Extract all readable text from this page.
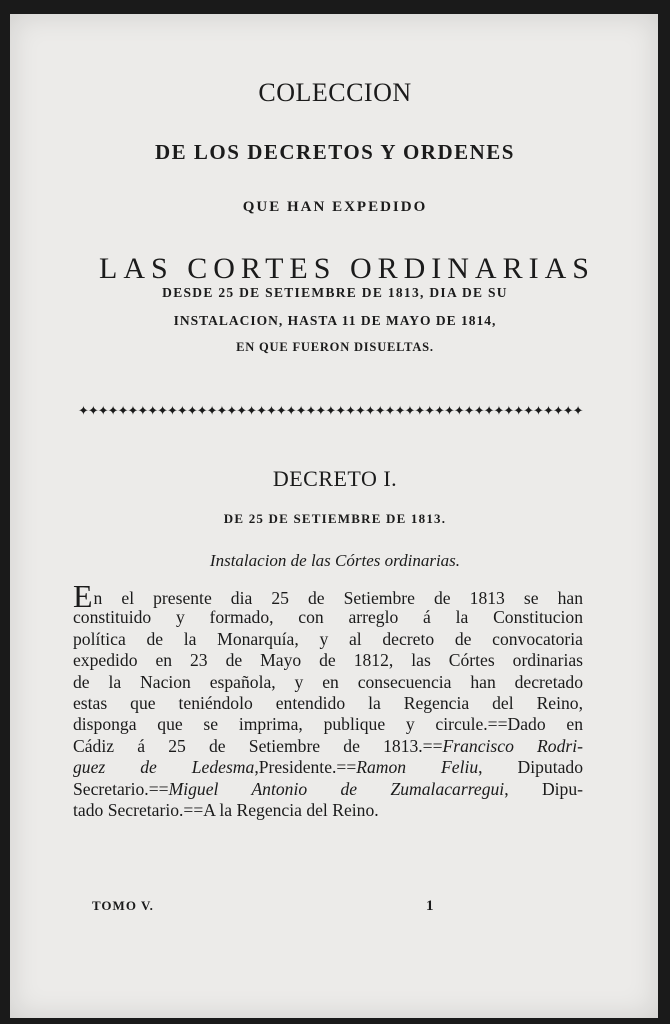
COLECCION
DE LOS DECRETOS Y ORDENES
QUE HAN EXPEDIDO
LAS CORTES ORDINARIAS
DESDE 25 DE SETIEMBRE DE 1813, DIA DE SU
INSTALACION, HASTA 11 DE MAYO DE 1814,
EN QUE FUERON DISUELTAS.
✦✦✦✦✦✦✦✦✦✦✦✦✦✦✦✦✦✦✦✦✦✦✦✦✦✦✦✦✦✦✦✦✦✦✦✦✦✦✦✦✦✦✦✦✦✦✦✦✦✦✦
DECRETO I.
DE 25 DE SETIEMBRE DE 1813.
Instalacion de las Córtes ordinarias.
En el presente dia 25 de Setiembre de 1813 se han
constituido y formado, con arreglo á la Constitucion
política de la Monarquía, y al decreto de convocatoria
expedido en 23 de Mayo de 1812, las Córtes ordinarias
de la Nacion española, y en consecuencia han decretado
estas que teniéndolo entendido la Regencia del Reino,
disponga que se imprima, publique y circule.==Dado en
Cádiz á 25 de Setiembre de 1813.==Francisco Rodri-
guez de Ledesma,Presidente.==Ramon Feliu, Diputado
Secretario.==Miguel Antonio de Zumalacarregui, Dipu-
tado Secretario.==A la Regencia del Reino.
TOMO V.	1
